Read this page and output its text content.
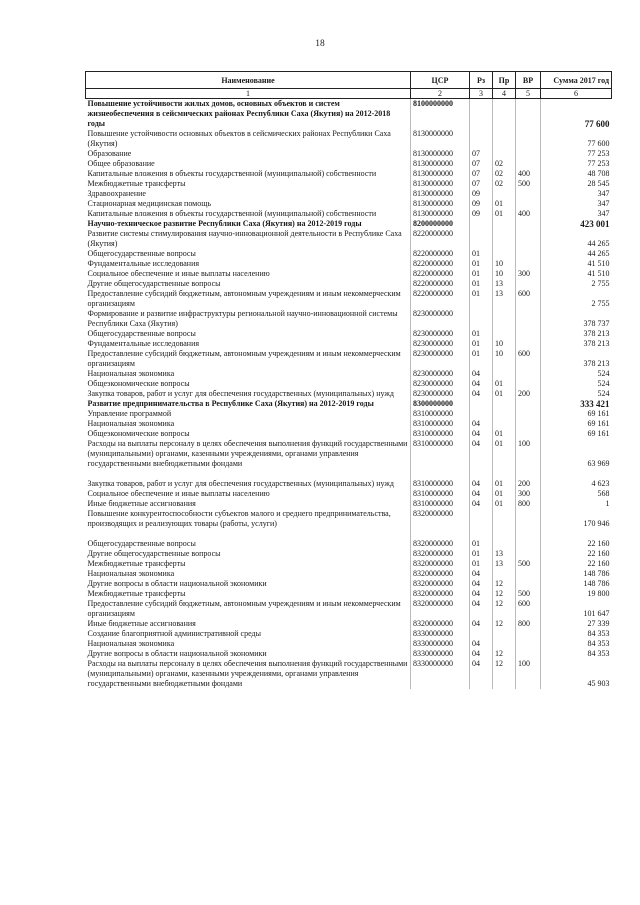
18
Наименование	ЦСР	Рз	Пр	ВР	Сумма 2017 год
1	2	3	4	5	6
Повышение устойчивости жилых домов, основных объектов и систем жизнеобеспечения в сейсмических районах Республики Саха (Якутия) на 2012-2018 годы	8100000000				77 600
Повышение устойчивости основных объектов в сейсмических районах Республики Саха (Якутия)	8130000000				77 600
Образование	8130000000	07			77 253
Общее образование	8130000000	07	02		77 253
Капитальные вложения в объекты государственной (муниципальной) собственности	8130000000	07	02	400	48 708
Межбюджетные трансферты	8130000000	07	02	500	28 545
Здравоохранение	8130000000	09			347
Стационарная медицинская помощь	8130000000	09	01		347
Капитальные вложения в объекты государственной (муниципальной) собственности	8130000000	09	01	400	347
Научно-техническое развитие Республики Саха (Якутия) на 2012-2019 годы	8200000000				423 001
Развитие системы стимулирования научно-инновационной деятельности в Республике Саха (Якутия)	8220000000				44 265
Общегосударственные вопросы	8220000000	01			44 265
Фундаментальные исследования	8220000000	01	10		41 510
Социальное обеспечение и иные выплаты населению	8220000000	01	10	300	41 510
Другие общегосударственные вопросы	8220000000	01	13		2 755
Предоставление субсидий бюджетным, автономным учреждениям и иным некоммерческим организациям	8220000000	01	13	600	2 755
Формирование и развитие инфраструктуры региональной научно-инновационной системы Республики Саха (Якутия)	8230000000				378 737
Общегосударственные вопросы	8230000000	01			378 213
Фундаментальные исследования	8230000000	01	10		378 213
Предоставление субсидий бюджетным, автономным учреждениям и иным некоммерческим организациям	8230000000	01	10	600	378 213
Национальная экономика	8230000000	04			524
Общеэкономические вопросы	8230000000	04	01		524
Закупка товаров, работ и услуг для обеспечения государственных (муниципальных) нужд	8230000000	04	01	200	524
Развитие предпринимательства в Республике Саха (Якутия) на 2012-2019 годы	8300000000				333 421
Управление программой	8310000000				69 161
Национальная экономика	8310000000	04			69 161
Общеэкономические вопросы	8310000000	04	01		69 161
Расходы на выплаты персоналу в целях обеспечения выполнения функций государственными (муниципальными) органами, казенными учреждениями, органами управления государственными внебюджетными фондами	8310000000	04	01	100	63 969
Закупка товаров, работ и услуг для обеспечения государственных (муниципальных) нужд	8310000000	04	01	200	4 623
Социальное обеспечение и иные выплаты населению	8310000000	04	01	300	568
Иные бюджетные ассигнования	8310000000	04	01	800	1
Повышение конкурентоспособности субъектов малого и среднего предпринимательства, производящих и реализующих товары (работы, услуги)	8320000000				170 946
Общегосударственные вопросы	8320000000	01			22 160
Другие общегосударственные вопросы	8320000000	01	13		22 160
Межбюджетные трансферты	8320000000	01	13	500	22 160
Национальная экономика	8320000000	04			148 786
Другие вопросы в области национальной экономики	8320000000	04	12		148 786
Межбюджетные трансферты	8320000000	04	12	500	19 800
Предоставление субсидий бюджетным, автономным учреждениям и иным некоммерческим организациям	8320000000	04	12	600	101 647
Иные бюджетные ассигнования	8320000000	04	12	800	27 339
Создание благоприятной административной среды	8330000000				84 353
Национальная экономика	8330000000	04			84 353
Другие вопросы в области национальной экономики	8330000000	04	12		84 353
Расходы на выплаты персоналу в целях обеспечения выполнения функций государственными (муниципальными) органами, казенными учреждениями, органами управления государственными внебюджетными фондами	8330000000	04	12	100	45 903
